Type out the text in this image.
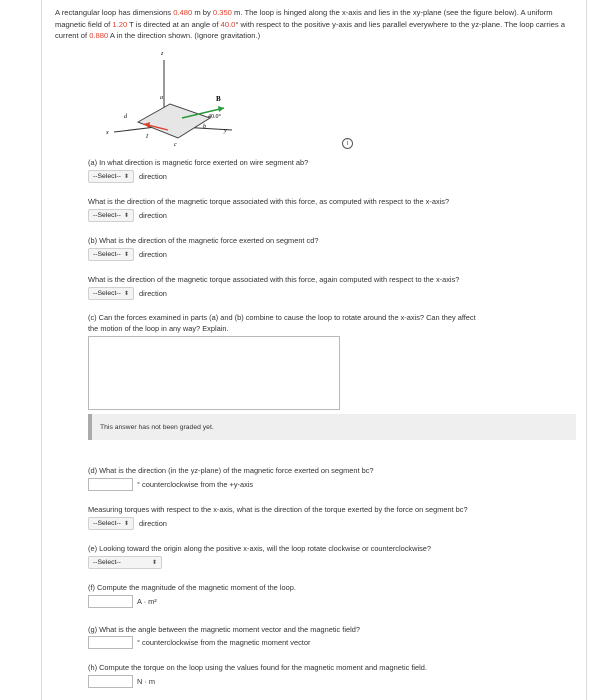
A rectangular loop has dimensions 0.480 m by 0.350 m. The loop is hinged along the x-axis and lies in the xy-plane (see the figure below). A uniform magnetic field of 1.20 T is directed at an angle of 40.0° with respect to the positive y-axis and lies parallel everywhere to the yz-plane. The loop carries a current of 0.880 A in the direction shown. (Ignore gravitation.)
z
x	y
B
40.0°
a
b
c
d
I
i
(a) In what direction is magnetic force exerted on wire segment ab?
--Select-- ⬍ direction
What is the direction of the magnetic torque associated with this force, as computed with respect to the x-axis?
--Select-- ⬍ direction
(b) What is the direction of the magnetic force exerted on segment cd?
--Select-- ⬍ direction
What is the direction of the magnetic torque associated with this force, again computed with respect to the x-axis?
--Select-- ⬍ direction
(c) Can the forces examined in parts (a) and (b) combine to cause the loop to rotate around the x-axis? Can they affect
the motion of the loop in any way? Explain.
This answer has not been graded yet.
(d) What is the direction (in the yz-plane) of the magnetic force exerted on segment bc?
° counterclockwise from the +y-axis
Measuring torques with respect to the x-axis, what is the direction of the torque exerted by the force on segment bc?
--Select-- ⬍ direction
(e) Looking toward the origin along the positive x-axis, will the loop rotate clockwise or counterclockwise?
--Select--	⬍
(f) Compute the magnitude of the magnetic moment of the loop.
A · m²
(g) What is the angle between the magnetic moment vector and the magnetic field?
° counterclockwise from the magnetic moment vector
(h) Compute the torque on the loop using the values found for the magnetic moment and magnetic field.
N · m
